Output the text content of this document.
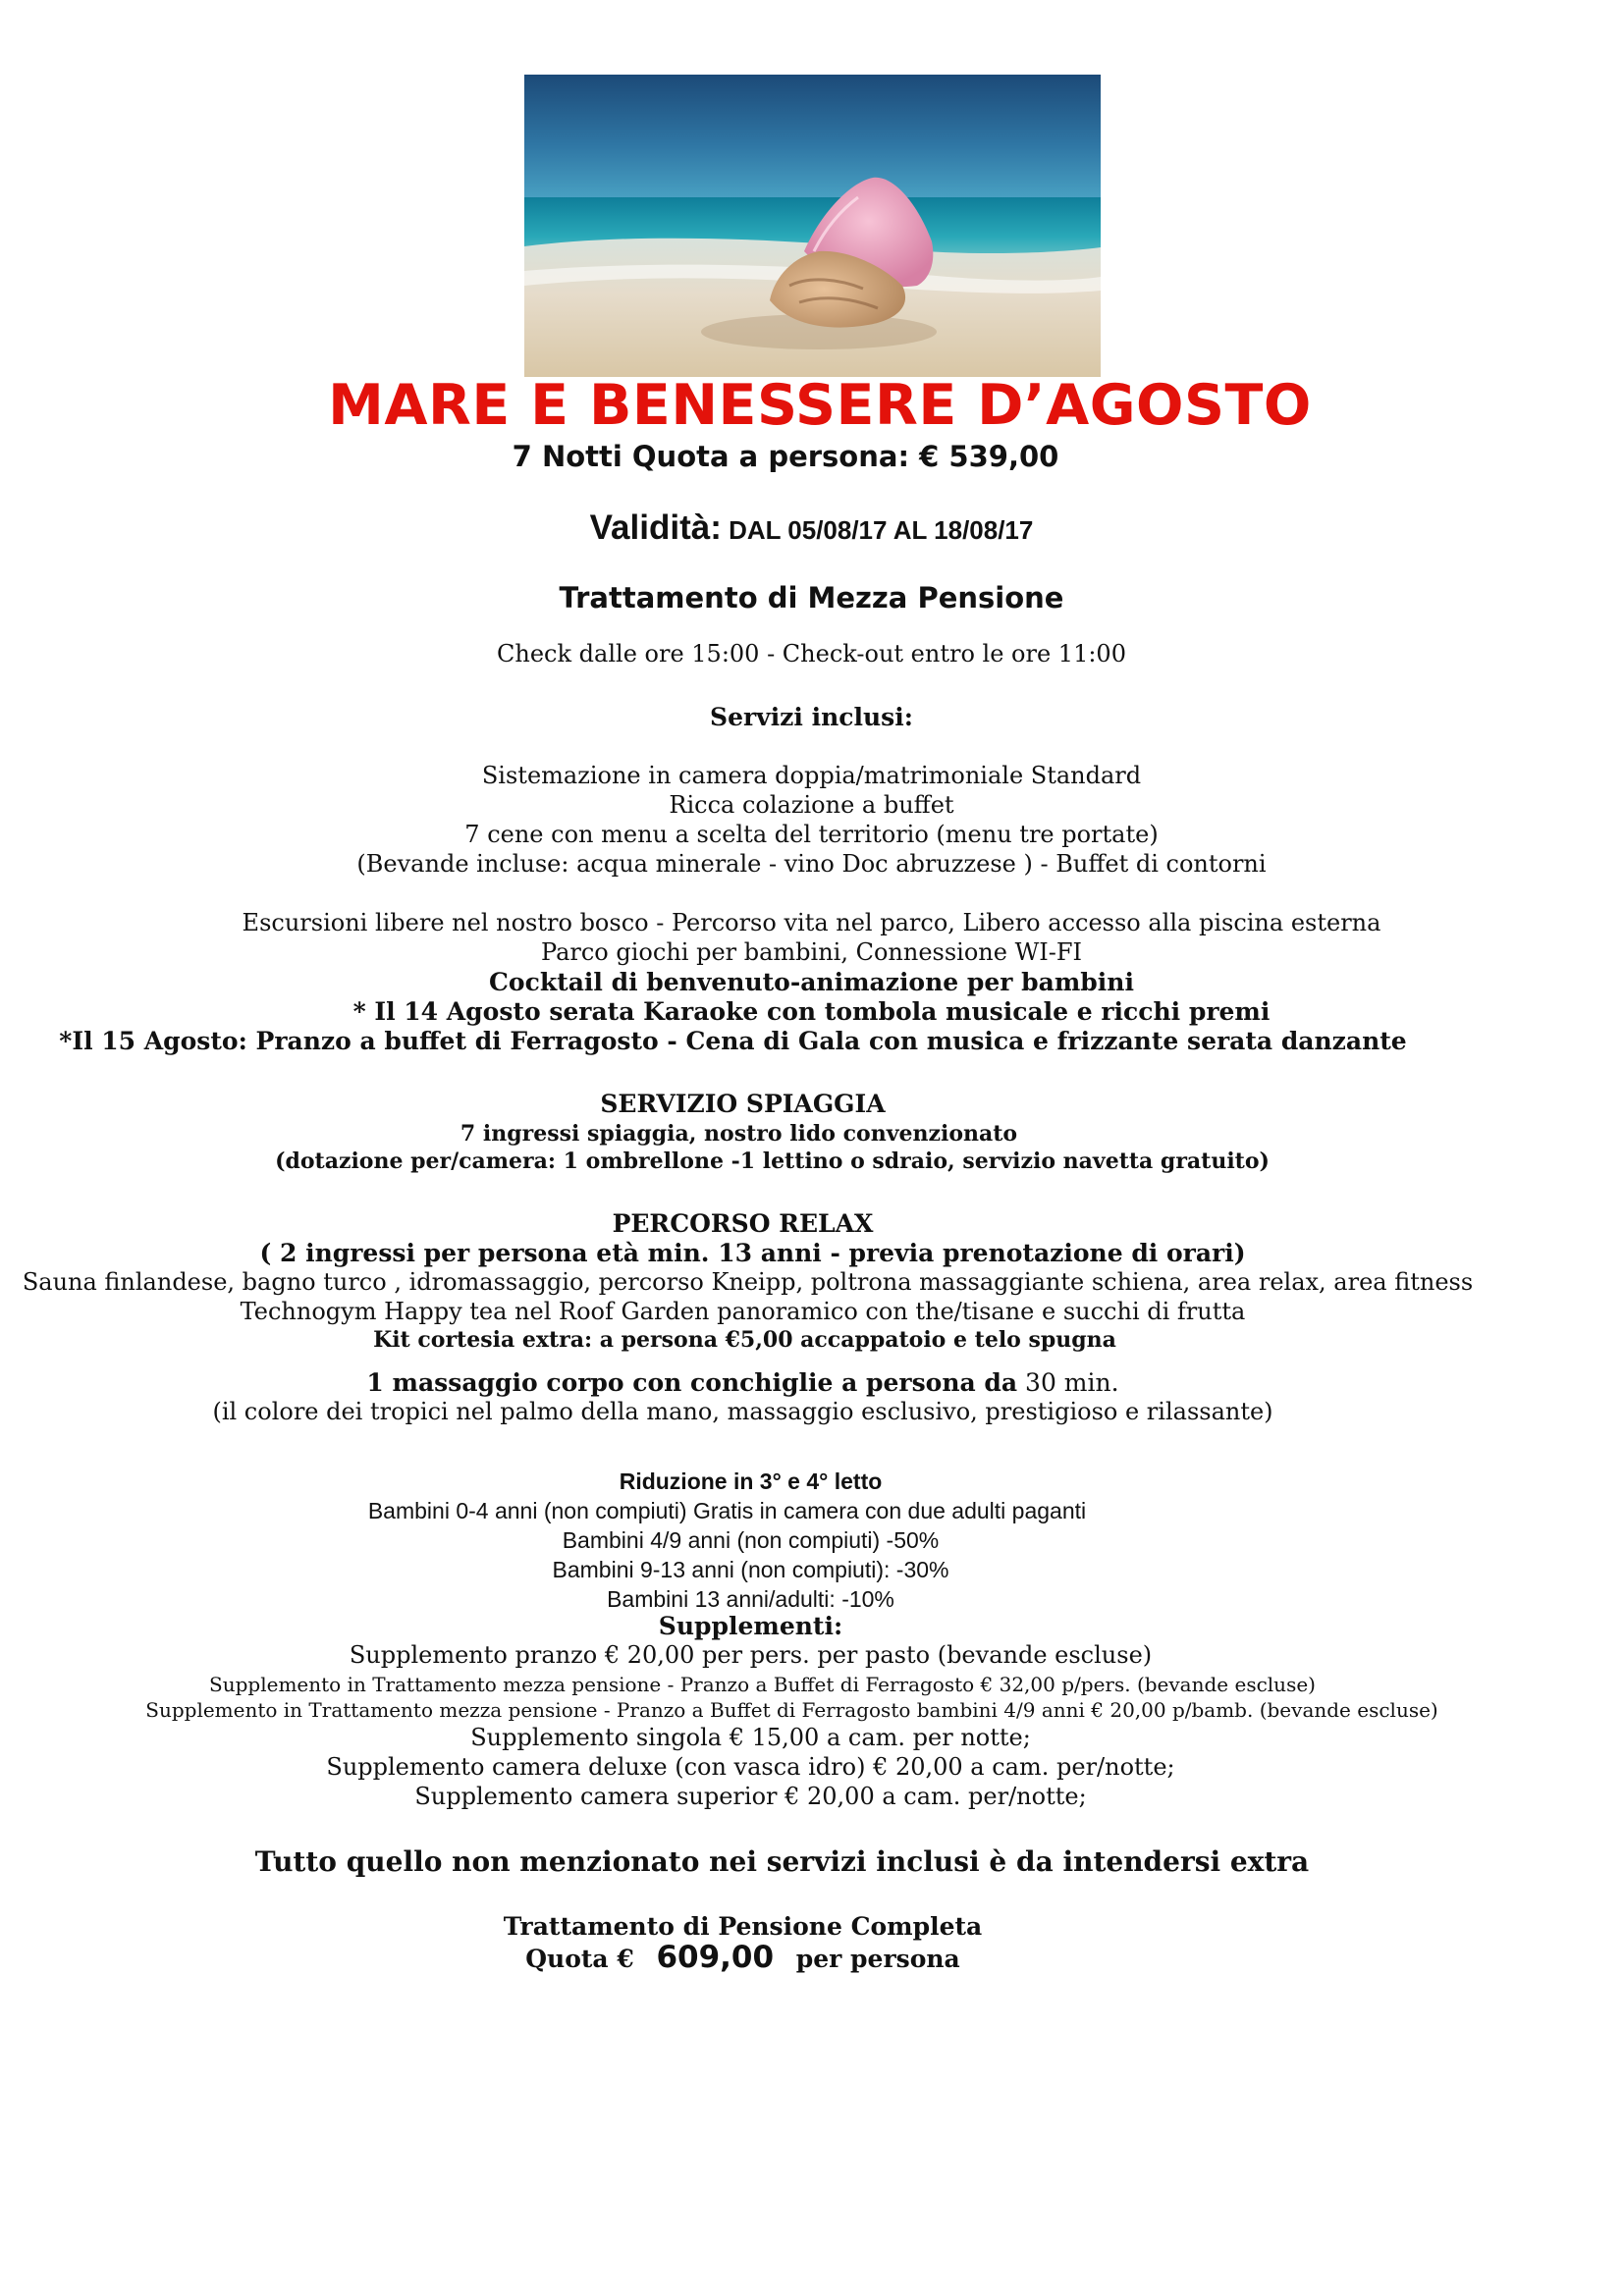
MARE E BENESSERE D’AGOSTO
7 Notti Quota a persona: € 539,00
Validità: DAL 05/08/17 AL 18/08/17
Trattamento di Mezza Pensione
Check dalle ore 15:00 - Check-out entro le ore 11:00
Servizi inclusi:
Sistemazione in camera doppia/matrimoniale Standard
Ricca colazione a buffet
7 cene con menu a scelta del territorio (menu tre portate)
(Bevande incluse: acqua minerale - vino Doc abruzzese ) - Buffet di contorni
Escursioni libere nel nostro bosco - Percorso vita nel parco, Libero accesso alla piscina esterna
Parco giochi per bambini, Connessione WI-FI
Cocktail di benvenuto-animazione per bambini
* Il 14 Agosto serata Karaoke con tombola musicale e ricchi premi
*Il 15 Agosto: Pranzo a buffet di Ferragosto - Cena di Gala con musica e frizzante serata danzante
SERVIZIO SPIAGGIA
7 ingressi spiaggia, nostro lido convenzionato
(dotazione per/camera: 1 ombrellone -1 lettino o sdraio, servizio navetta gratuito)
PERCORSO RELAX
( 2 ingressi per persona età min. 13 anni - previa prenotazione di orari)
Sauna finlandese, bagno turco , idromassaggio, percorso Kneipp, poltrona massaggiante schiena, area relax, area fitness
Technogym Happy tea nel Roof Garden panoramico con the/tisane e succhi di frutta
Kit cortesia extra: a persona €5,00 accappatoio e telo spugna
1 massaggio corpo con conchiglie a persona da 30 min.
(il colore dei tropici nel palmo della mano, massaggio esclusivo, prestigioso e rilassante)
Riduzione in 3° e 4° letto
Bambini 0-4 anni (non compiuti) Gratis in camera con due adulti paganti
Bambini 4/9 anni (non compiuti) -50%
Bambini 9-13 anni (non compiuti): -30%
Bambini 13 anni/adulti: -10%
Supplementi:
Supplemento pranzo € 20,00 per pers. per pasto (bevande escluse)
Supplemento in Trattamento mezza pensione - Pranzo a Buffet di Ferragosto € 32,00 p/pers. (bevande escluse)
Supplemento in Trattamento mezza pensione - Pranzo a Buffet di Ferragosto bambini 4/9 anni € 20,00 p/bamb. (bevande escluse)
Supplemento singola € 15,00 a cam. per notte;
Supplemento camera deluxe (con vasca idro) € 20,00 a cam. per/notte;
Supplemento camera superior € 20,00 a cam. per/notte;
Tutto quello non menzionato nei servizi inclusi è da intendersi extra
Trattamento di Pensione Completa
Quota € 609,00 per persona
